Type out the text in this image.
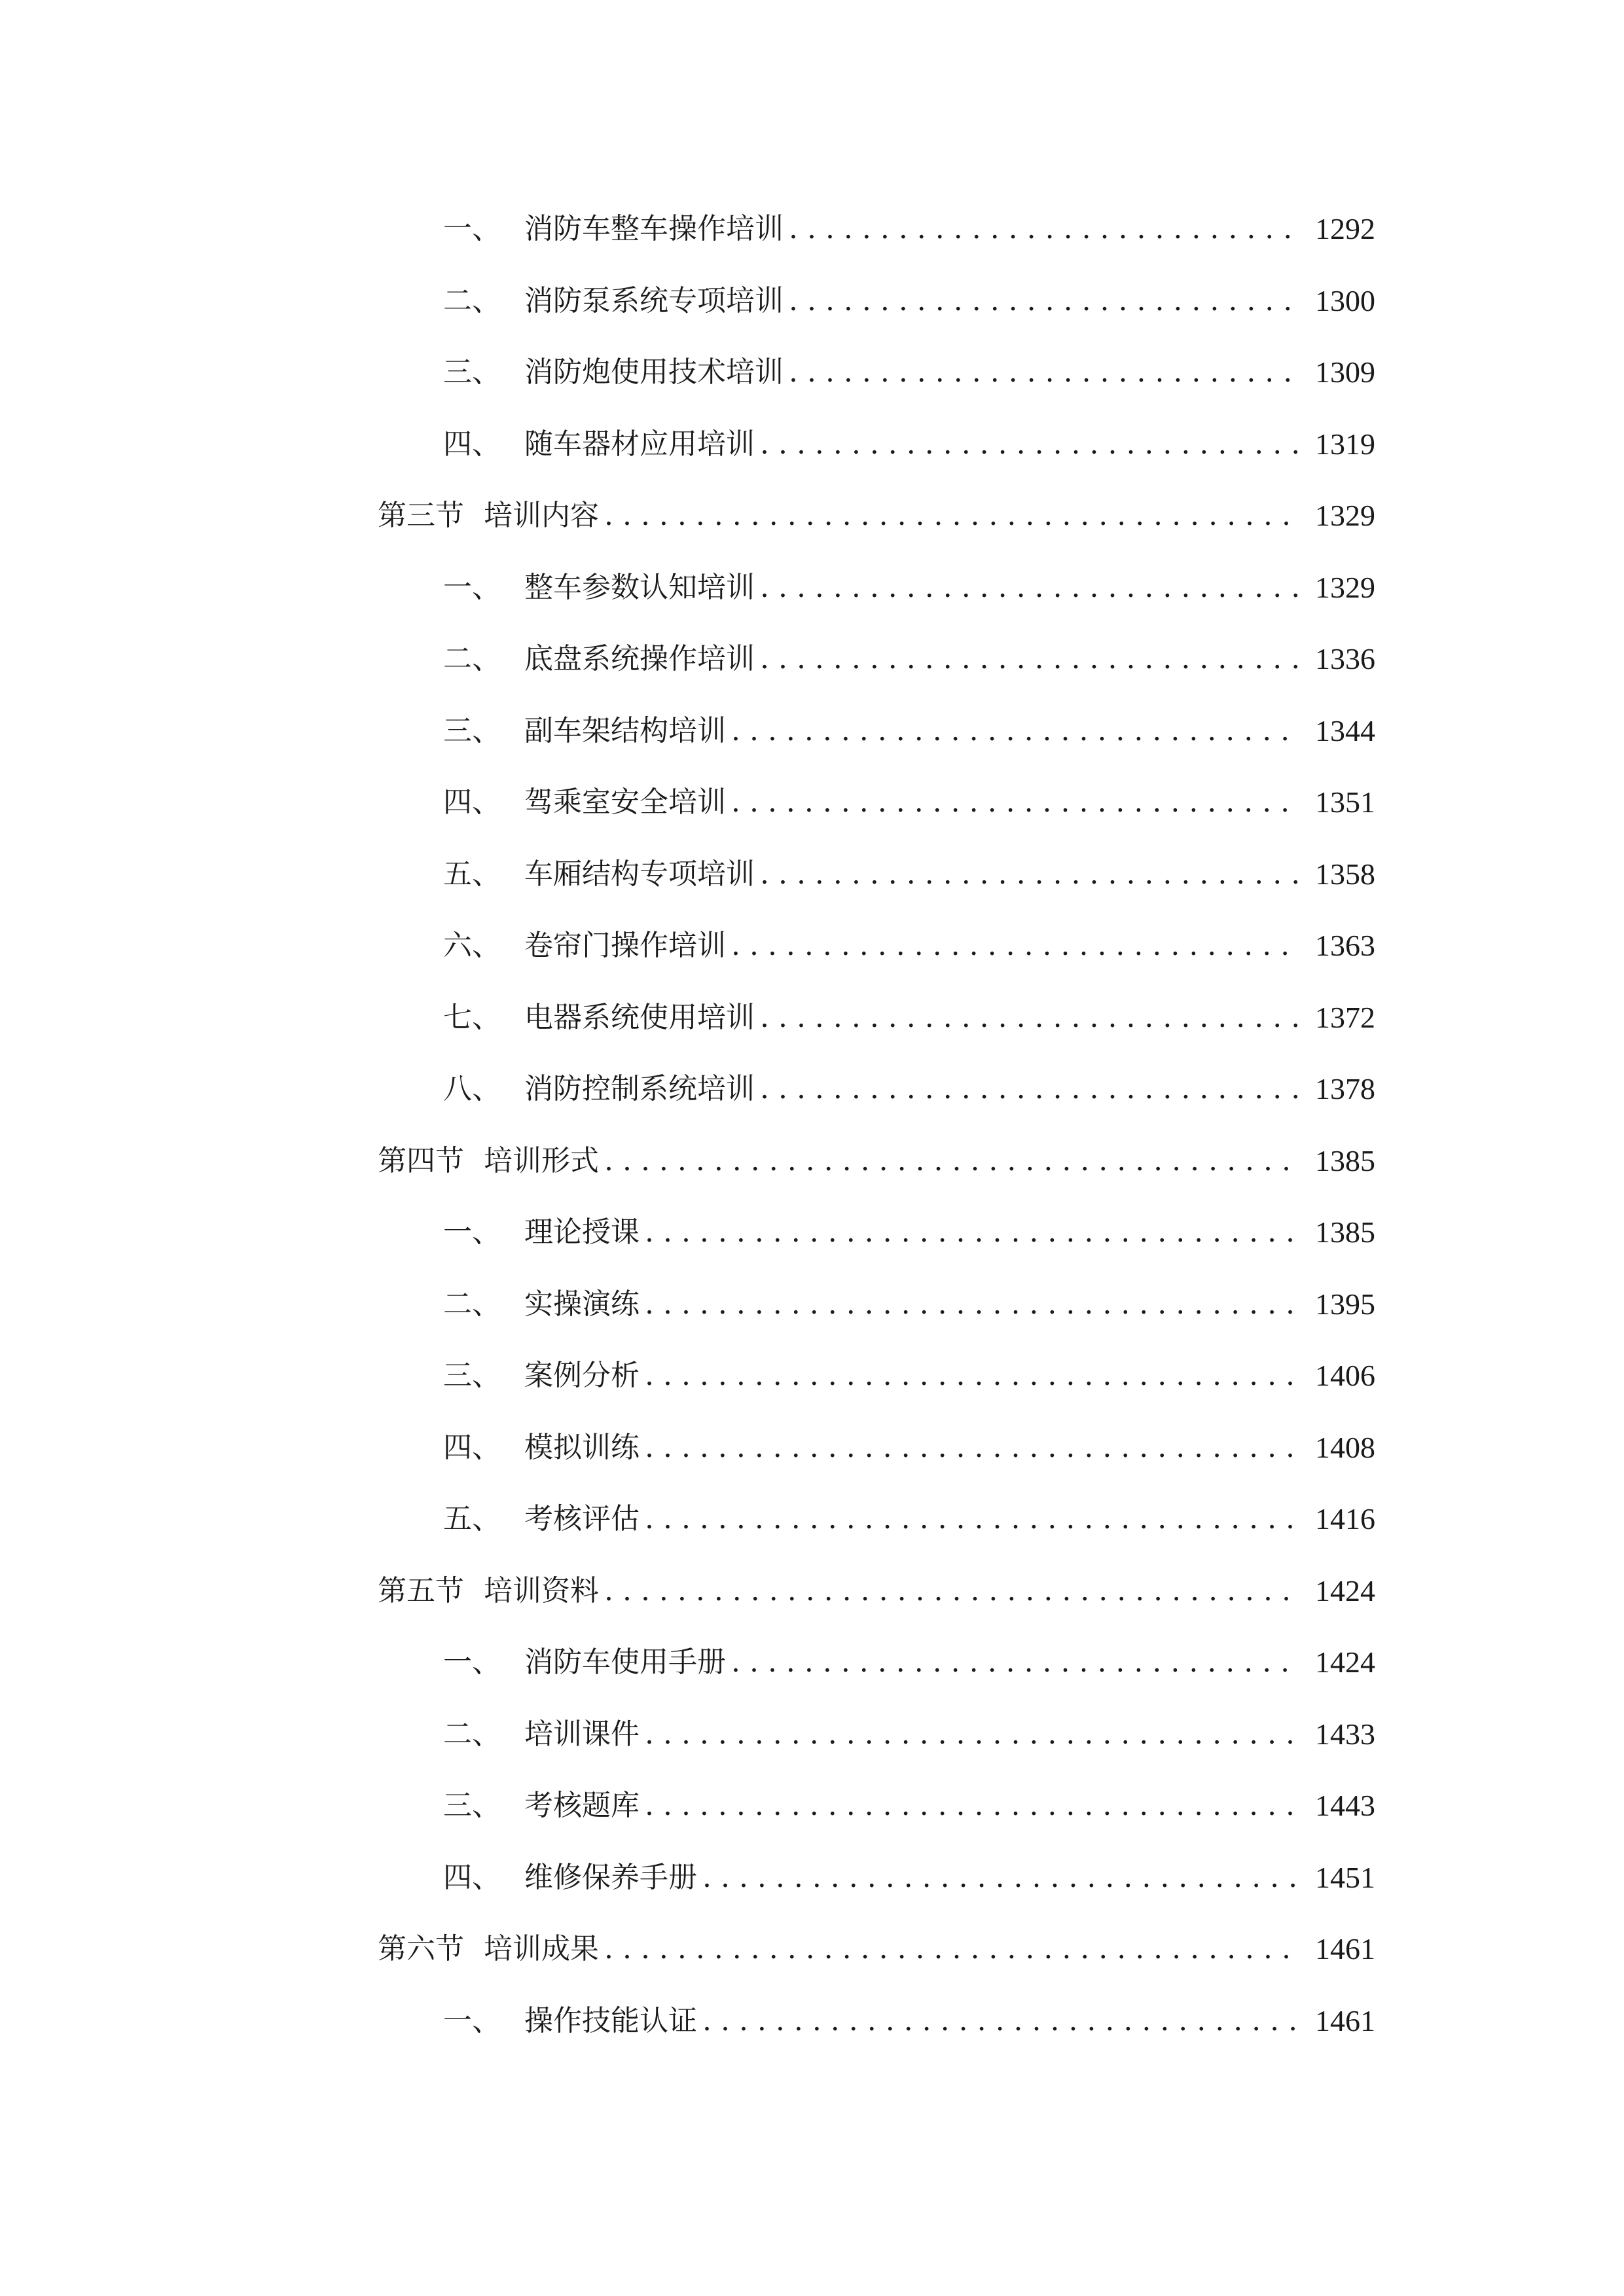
一、 消防车整车操作培训 . . .	1292
二、 消防泵系统专项培训 . . .	1300
三、 消防炮使用技术培训 . . .	1309
四、 随车器材应用培训 . . .	1319
第三节 培训内容 . . .	1329
一、 整车参数认知培训 . . .	1329
二、 底盘系统操作培训 . . .	1336
三、 副车架结构培训 . . .	1344
四、 驾乘室安全培训 . . .	1351
五、 车厢结构专项培训 . . .	1358
六、 卷帘门操作培训 . . .	1363
七、 电器系统使用培训 . . .	1372
八、 消防控制系统培训 . . .	1378
第四节 培训形式 . . .	1385
一、 理论授课 . . .	1385
二、 实操演练 . . .	1395
三、 案例分析 . . .	1406
四、 模拟训练 . . .	1408
五、 考核评估 . . .	1416
第五节 培训资料 . . .	1424
一、 消防车使用手册 . . .	1424
二、 培训课件 . . .	1433
三、 考核题库 . . .	1443
四、 维修保养手册 . . .	1451
第六节 培训成果 . . .	1461
一、 操作技能认证 . . .	1461
